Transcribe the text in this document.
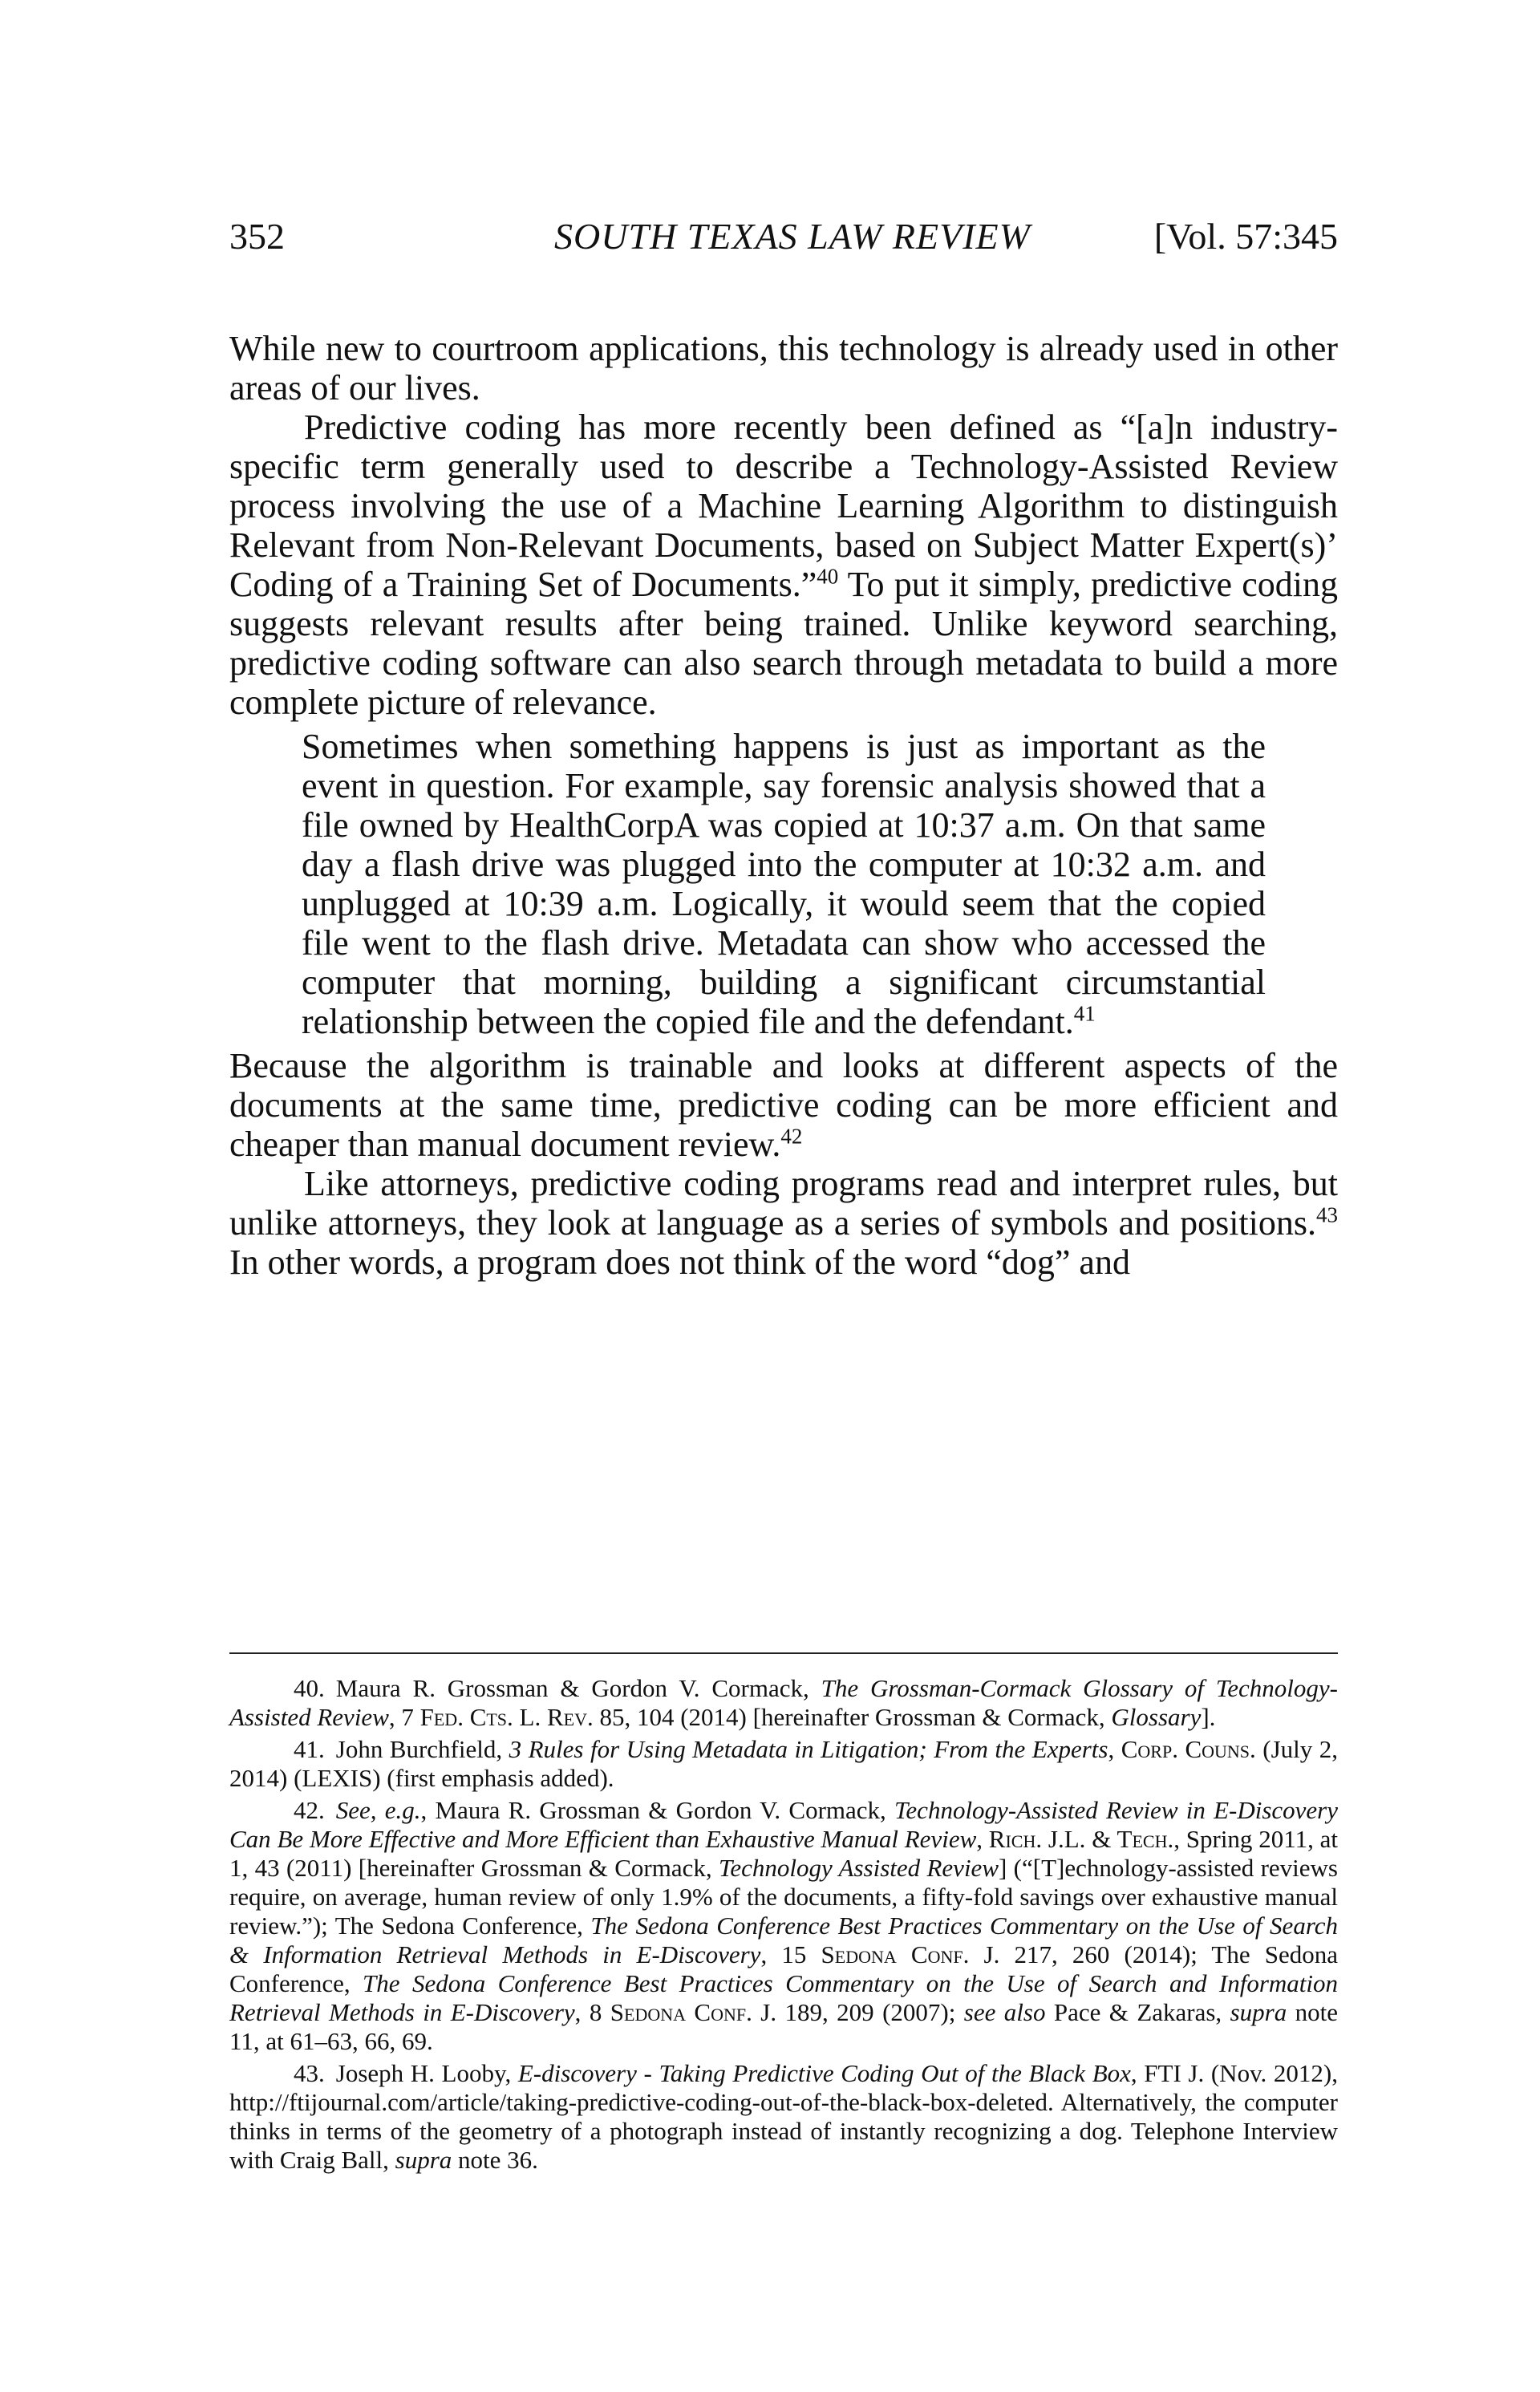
352	SOUTH TEXAS LAW REVIEW	[Vol. 57:345

While new to courtroom applications, this technology is already used in other areas of our lives.

Predictive coding has more recently been defined as “[a]n industry-specific term generally used to describe a Technology-Assisted Review process involving the use of a Machine Learning Algorithm to distinguish Relevant from Non-Relevant Documents, based on Subject Matter Expert(s)’ Coding of a Training Set of Documents.”$^{40}$ To put it simply, predictive coding suggests relevant results after being trained. Unlike keyword searching, predictive coding software can also search through metadata to build a more complete picture of relevance.

Sometimes when something happens is just as important as the event in question. For example, say forensic analysis showed that a file owned by HealthCorpA was copied at 10:37 a.m. On that same day a flash drive was plugged into the computer at 10:32 a.m. and unplugged at 10:39 a.m. Logically, it would seem that the copied file went to the flash drive. Metadata can show who accessed the computer that morning, building a significant circumstantial relationship between the copied file and the defendant.$^{41}$

Because the algorithm is trainable and looks at different aspects of the documents at the same time, predictive coding can be more efficient and cheaper than manual document review.$^{42}$

Like attorneys, predictive coding programs read and interpret rules, but unlike attorneys, they look at language as a series of symbols and positions.$^{43}$ In other words, a program does not think of the word “dog” and

40. Maura R. Grossman & Gordon V. Cormack, The Grossman-Cormack Glossary of Technology-Assisted Review, 7 Fed. Cts. L. Rev. 85, 104 (2014) [hereinafter Grossman & Cormack, Glossary].

41. John Burchfield, 3 Rules for Using Metadata in Litigation; From the Experts, Corp. Couns. (July 2, 2014) (LEXIS) (first emphasis added).

42. See, e.g., Maura R. Grossman & Gordon V. Cormack, Technology-Assisted Review in E-Discovery Can Be More Effective and More Efficient than Exhaustive Manual Review, Rich. J.L. & Tech., Spring 2011, at 1, 43 (2011) [hereinafter Grossman & Cormack, Technology Assisted Review] (“[T]echnology-assisted reviews require, on average, human review of only 1.9% of the documents, a fifty-fold savings over exhaustive manual review.”); The Sedona Conference, The Sedona Conference Best Practices Commentary on the Use of Search & Information Retrieval Methods in E-Discovery, 15 Sedona Conf. J. 217, 260 (2014); The Sedona Conference, The Sedona Conference Best Practices Commentary on the Use of Search and Information Retrieval Methods in E-Discovery, 8 Sedona Conf. J. 189, 209 (2007); see also Pace & Zakaras, supra note 11, at 61–63, 66, 69.

43. Joseph H. Looby, E-discovery - Taking Predictive Coding Out of the Black Box, FTI J. (Nov. 2012), http://ftijournal.com/article/taking-predictive-coding-out-of-the-black-box-deleted. Alternatively, the computer thinks in terms of the geometry of a photograph instead of instantly recognizing a dog. Telephone Interview with Craig Ball, supra note 36.
